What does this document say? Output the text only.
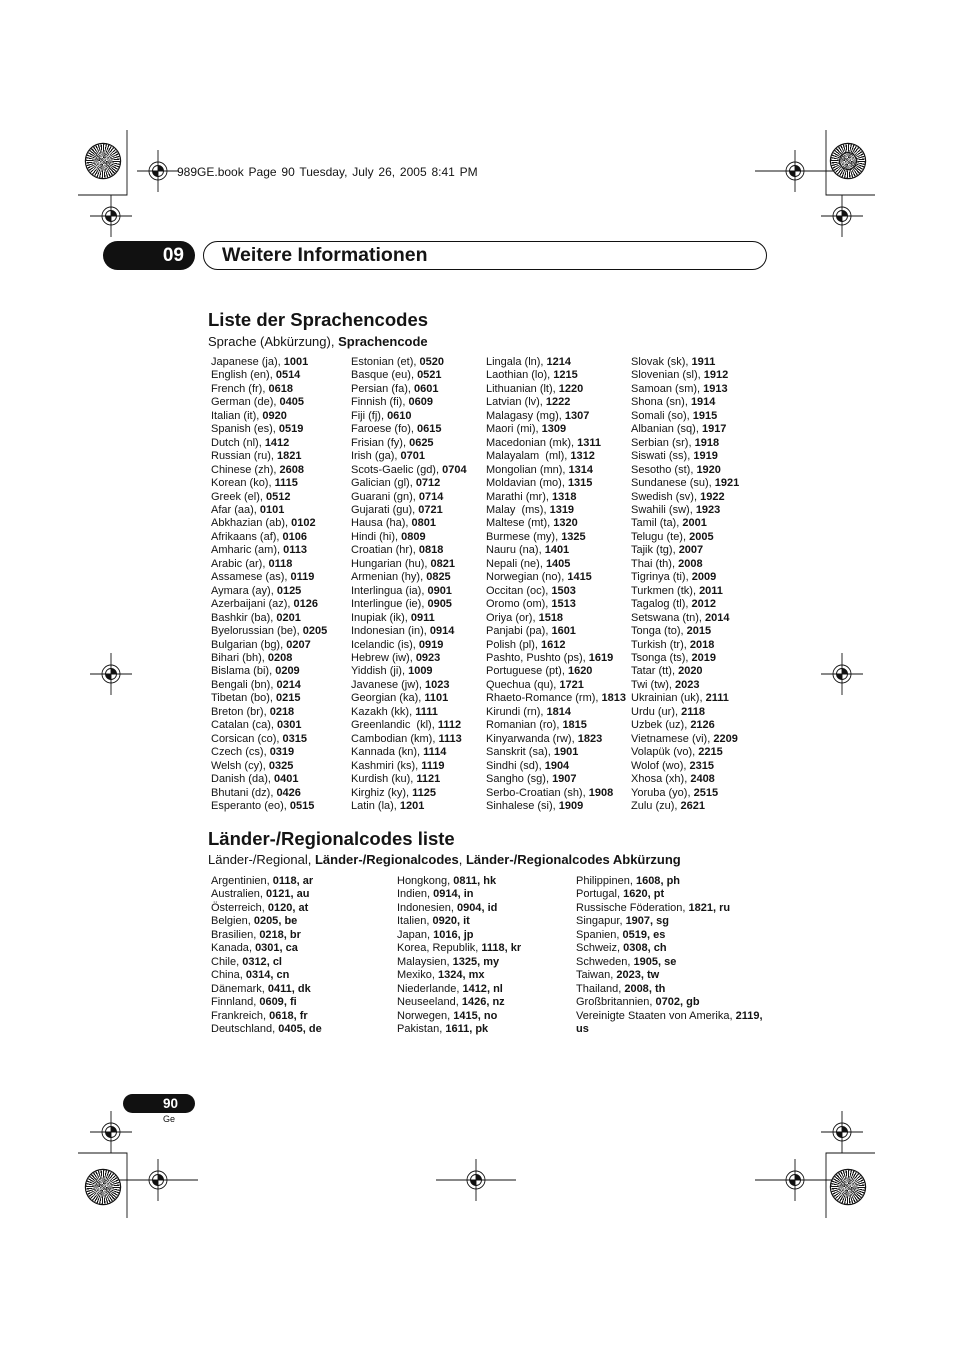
989GE.book Page 90 Tuesday, July 26, 2005 8:41 PM
09	Weitere Informationen
Liste der Sprachencodes
Sprache (Abkürzung), Sprachencode
Japanese (ja), 1001
English (en), 0514
French (fr), 0618
German (de), 0405
Italian (it), 0920
Spanish (es), 0519
Dutch (nl), 1412
Russian (ru), 1821
Chinese (zh), 2608
Korean (ko), 1115
Greek (el), 0512
Afar (aa), 0101
Abkhazian (ab), 0102
Afrikaans (af), 0106
Amharic (am), 0113
Arabic (ar), 0118
Assamese (as), 0119
Aymara (ay), 0125
Azerbaijani (az), 0126
Bashkir (ba), 0201
Byelorussian (be), 0205
Bulgarian (bg), 0207
Bihari (bh), 0208
Bislama (bi), 0209
Bengali (bn), 0214
Tibetan (bo), 0215
Breton (br), 0218
Catalan (ca), 0301
Corsican (co), 0315
Czech (cs), 0319
Welsh (cy), 0325
Danish (da), 0401
Bhutani (dz), 0426
Esperanto (eo), 0515
Estonian (et), 0520
Basque (eu), 0521
Persian (fa), 0601
Finnish (fi), 0609
Fiji (fj), 0610
Faroese (fo), 0615
Frisian (fy), 0625
Irish (ga), 0701
Scots-Gaelic (gd), 0704
Galician (gl), 0712
Guarani (gn), 0714
Gujarati (gu), 0721
Hausa (ha), 0801
Hindi (hi), 0809
Croatian (hr), 0818
Hungarian (hu), 0821
Armenian (hy), 0825
Interlingua (ia), 0901
Interlingue (ie), 0905
Inupiak (ik), 0911
Indonesian (in), 0914
Icelandic (is), 0919
Hebrew (iw), 0923
Yiddish (ji), 1009
Javanese (jw), 1023
Georgian (ka), 1101
Kazakh (kk), 1111
Greenlandic  (kl), 1112
Cambodian (km), 1113
Kannada (kn), 1114
Kashmiri (ks), 1119
Kurdish (ku), 1121
Kirghiz (ky), 1125
Latin (la), 1201
Lingala (ln), 1214
Laothian (lo), 1215
Lithuanian (lt), 1220
Latvian (lv), 1222
Malagasy (mg), 1307
Maori (mi), 1309
Macedonian (mk), 1311
Malayalam  (ml), 1312
Mongolian (mn), 1314
Moldavian (mo), 1315
Marathi (mr), 1318
Malay  (ms), 1319
Maltese (mt), 1320
Burmese (my), 1325
Nauru (na), 1401
Nepali (ne), 1405
Norwegian (no), 1415
Occitan (oc), 1503
Oromo (om), 1513
Oriya (or), 1518
Panjabi (pa), 1601
Polish (pl), 1612
Pashto, Pushto (ps), 1619
Portuguese (pt), 1620
Quechua (qu), 1721
Rhaeto-Romance (rm), 1813
Kirundi (rn), 1814
Romanian (ro), 1815
Kinyarwanda (rw), 1823
Sanskrit (sa), 1901
Sindhi (sd), 1904
Sangho (sg), 1907
Serbo-Croatian (sh), 1908
Sinhalese (si), 1909
Slovak (sk), 1911
Slovenian (sl), 1912
Samoan (sm), 1913
Shona (sn), 1914
Somali (so), 1915
Albanian (sq), 1917
Serbian (sr), 1918
Siswati (ss), 1919
Sesotho (st), 1920
Sundanese (su), 1921
Swedish (sv), 1922
Swahili (sw), 1923
Tamil (ta), 2001
Telugu (te), 2005
Tajik (tg), 2007
Thai (th), 2008
Tigrinya (ti), 2009
Turkmen (tk), 2011
Tagalog (tl), 2012
Setswana (tn), 2014
Tonga (to), 2015
Turkish (tr), 2018
Tsonga (ts), 2019
Tatar (tt), 2020
Twi (tw), 2023
Ukrainian (uk), 2111
Urdu (ur), 2118
Uzbek (uz), 2126
Vietnamese (vi), 2209
Volapük (vo), 2215
Wolof (wo), 2315
Xhosa (xh), 2408
Yoruba (yo), 2515
Zulu (zu), 2621
Länder-/Regionalcodes liste
Länder-/Regional, Länder-/Regionalcodes, Länder-/Regionalcodes Abkürzung
Argentinien, 0118, ar
Australien, 0121, au
Österreich, 0120, at
Belgien, 0205, be
Brasilien, 0218, br
Kanada, 0301, ca
Chile, 0312, cl
China, 0314, cn
Dänemark, 0411, dk
Finnland, 0609, fi
Frankreich, 0618, fr
Deutschland, 0405, de
Hongkong, 0811, hk
Indien, 0914, in
Indonesien, 0904, id
Italien, 0920, it
Japan, 1016, jp
Korea, Republik, 1118, kr
Malaysien, 1325, my
Mexiko, 1324, mx
Niederlande, 1412, nl
Neuseeland, 1426, nz
Norwegen, 1415, no
Pakistan, 1611, pk
Philippinen, 1608, ph
Portugal, 1620, pt
Russische Föderation, 1821, ru
Singapur, 1907, sg
Spanien, 0519, es
Schweiz, 0308, ch
Schweden, 1905, se
Taiwan, 2023, tw
Thailand, 2008, th
Großbritannien, 0702, gb
Vereinigte Staaten von Amerika, 2119, us
90
Ge
